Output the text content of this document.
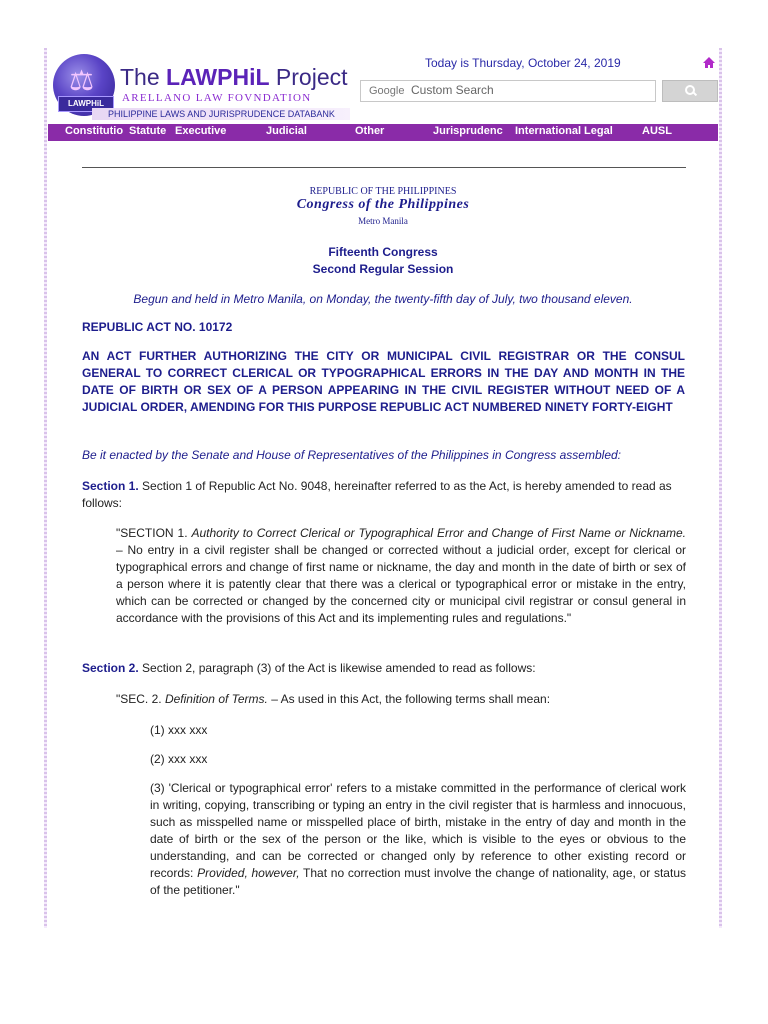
⚖
LAWPHiL
The LAWPHiL Project
ARELLANO LAW FOVNDATION
PHILIPPINE LAWS AND JURISPRUDENCE DATABANK
Today is Thursday, October 24, 2019
Google Custom Search
Constitutio Statute Executive	Judicial	Other	Jurisprudenc International Legal	AUSL
REPUBLIC OF THE PHILIPPINES
Congress of the Philippines
Metro Manila
Fifteenth Congress
Second Regular Session
Begun and held in Metro Manila, on Monday, the twenty-fifth day of July, two thousand eleven.
REPUBLIC ACT NO. 10172
AN ACT FURTHER AUTHORIZING THE CITY OR MUNICIPAL CIVIL REGISTRAR OR THE CONSUL GENERAL TO CORRECT CLERICAL OR TYPOGRAPHICAL ERRORS IN THE DAY AND MONTH IN THE DATE OF BIRTH OR SEX OF A PERSON APPEARING IN THE CIVIL REGISTER WITHOUT NEED OF A JUDICIAL ORDER, AMENDING FOR THIS PURPOSE REPUBLIC ACT NUMBERED NINETY FORTY-EIGHT
Be it enacted by the Senate and House of Representatives of the Philippines in Congress assembled:
Section 1. Section 1 of Republic Act No. 9048, hereinafter referred to as the Act, is hereby amended to read as follows:
"SECTION 1. Authority to Correct Clerical or Typographical Error and Change of First Name or Nickname. – No entry in a civil register shall be changed or corrected without a judicial order, except for clerical or typographical errors and change of first name or nickname, the day and month in the date of birth or sex of a person where it is patently clear that there was a clerical or typographical error or mistake in the entry, which can be corrected or changed by the concerned city or municipal civil registrar or consul general in accordance with the provisions of this Act and its implementing rules and regulations."
Section 2. Section 2, paragraph (3) of the Act is likewise amended to read as follows:
"SEC. 2. Definition of Terms. – As used in this Act, the following terms shall mean:
(1) xxx xxx
(2) xxx xxx
(3) 'Clerical or typographical error' refers to a mistake committed in the performance of clerical work in writing, copying, transcribing or typing an entry in the civil register that is harmless and innocuous, such as misspelled name or misspelled place of birth, mistake in the entry of day and month in the date of birth or the sex of the person or the like, which is visible to the eyes or obvious to the understanding, and can be corrected or changed only by reference to other existing record or records: Provided, however, That no correction must involve the change of nationality, age, or status of the petitioner."
